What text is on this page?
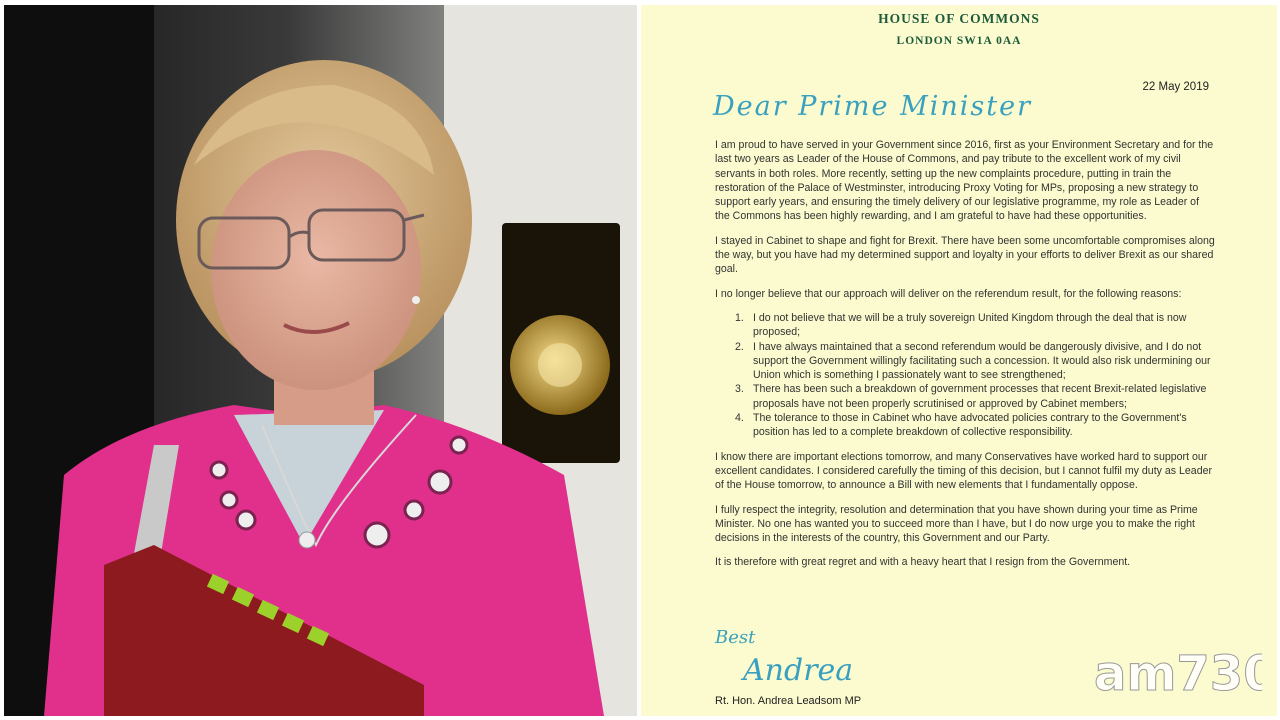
HOUSE OF COMMONS
LONDON SW1A 0AA
22 May 2019
Dear Prime Minister

I am proud to have served in your Government since 2016, first as your Environment Secretary and for the last two years as Leader of the House of Commons, and pay tribute to the excellent work of my civil servants in both roles. More recently, setting up the new complaints procedure, putting in train the restoration of the Palace of Westminster, introducing Proxy Voting for MPs, proposing a new strategy to support early years, and ensuring the timely delivery of our legislative programme, my role as Leader of the Commons has been highly rewarding, and I am grateful to have had these opportunities.

I stayed in Cabinet to shape and fight for Brexit. There have been some uncomfortable compromises along the way, but you have had my determined support and loyalty in your efforts to deliver Brexit as our shared goal.

I no longer believe that our approach will deliver on the referendum result, for the following reasons:

1. I do not believe that we will be a truly sovereign United Kingdom through the deal that is now proposed;
2. I have always maintained that a second referendum would be dangerously divisive, and I do not support the Government willingly facilitating such a concession. It would also risk undermining our Union which is something I passionately want to see strengthened;
3. There has been such a breakdown of government processes that recent Brexit-related legislative proposals have not been properly scrutinised or approved by Cabinet members;
4. The tolerance to those in Cabinet who have advocated policies contrary to the Government's position has led to a complete breakdown of collective responsibility.

I know there are important elections tomorrow, and many Conservatives have worked hard to support our excellent candidates. I considered carefully the timing of this decision, but I cannot fulfil my duty as Leader of the House tomorrow, to announce a Bill with new elements that I fundamentally oppose.

I fully respect the integrity, resolution and determination that you have shown during your time as Prime Minister. No one has wanted you to succeed more than I have, but I do now urge you to make the right decisions in the interests of the country, this Government and our Party.

It is therefore with great regret and with a heavy heart that I resign from the Government.

Best
Andrea
Rt. Hon. Andrea Leadsom MP	am730
